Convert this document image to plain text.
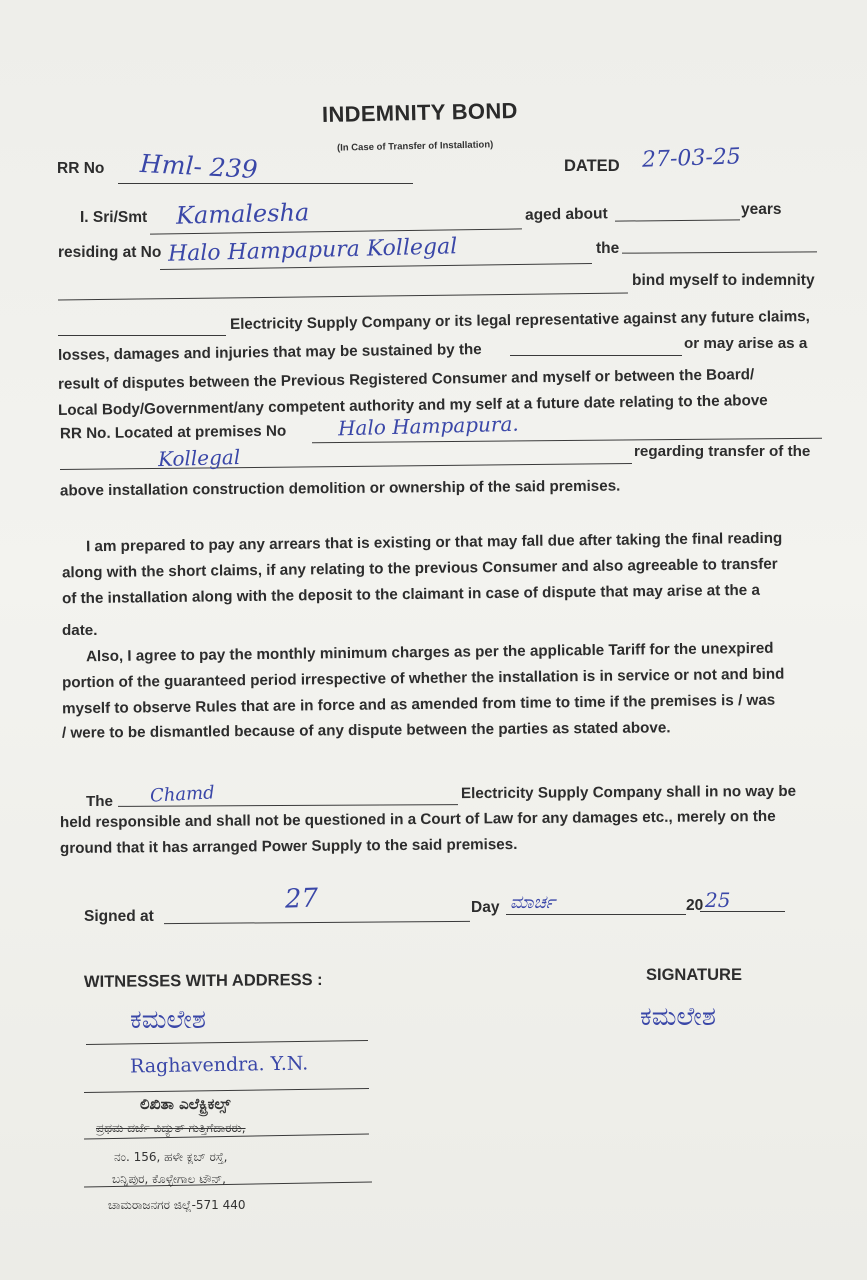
INDEMNITY BOND
(In Case of Transfer of Installation)
RR No Hml- 239	DATED 27-03-25
I. Sri/Smt Kamalesha	aged about	years
residing at No Halo Hampapura Kollegal	the
bind myself to indemnity
Electricity Supply Company or its legal representative against any future claims,
losses, damages and injuries that may be sustained by the	or may arise as a
result of disputes between the Previous Registered Consumer and myself or between the Board/
Local Body/Government/any competent authority and my self at a future date relating to the above
RR No. Located at premises No	Halo Hampapura.
Kollegal	regarding transfer of the
above installation construction demolition or ownership of the said premises.
I am prepared to pay any arrears that is existing or that may fall due after taking the final reading
along with the short claims, if any relating to the previous Consumer and also agreeable to transfer
of the installation along with the deposit to the claimant in case of dispute that may arise at the a
date.
Also, I agree to pay the monthly minimum charges as per the applicable Tariff for the unexpired
portion of the guaranteed period irrespective of whether the installation is in service or not and bind
myself to observe Rules that are in force and as amended from time to time if the premises is / was
/ were to be dismantled because of any dispute between the parties as stated above.
The Chamd	Electricity Supply Company shall in no way be
held responsible and shall not be questioned in a Court of Law for any damages etc., merely on the
ground that it has arranged Power Supply to the said premises.
Signed at
27	Day ಮಾರ್ಚ	20 25
WITNESSES WITH ADDRESS :	SIGNATURE
ಕಮಲೇಶ	ಕಮಲೇಶ
Raghavendra. Y.N.
ಲಿಖಿತಾ ಎಲೆಕ್ಟ್ರಿಕಲ್ಸ್
ಪ್ರಥಮ ದರ್ಜೆ ವಿದ್ಯುತ್ ಗುತ್ತಿಗೆದಾರರು,
ನಂ. 156, ಹಳೇ ಕ್ಲಬ್ ರಸ್ತೆ,
ಬನ್ನಿಪುರ, ಕೊಳ್ಳೇಗಾಲ ಟೌನ್,
ಚಾಮರಾಜನಗರ ಜಿಲ್ಲೆ-571 440
